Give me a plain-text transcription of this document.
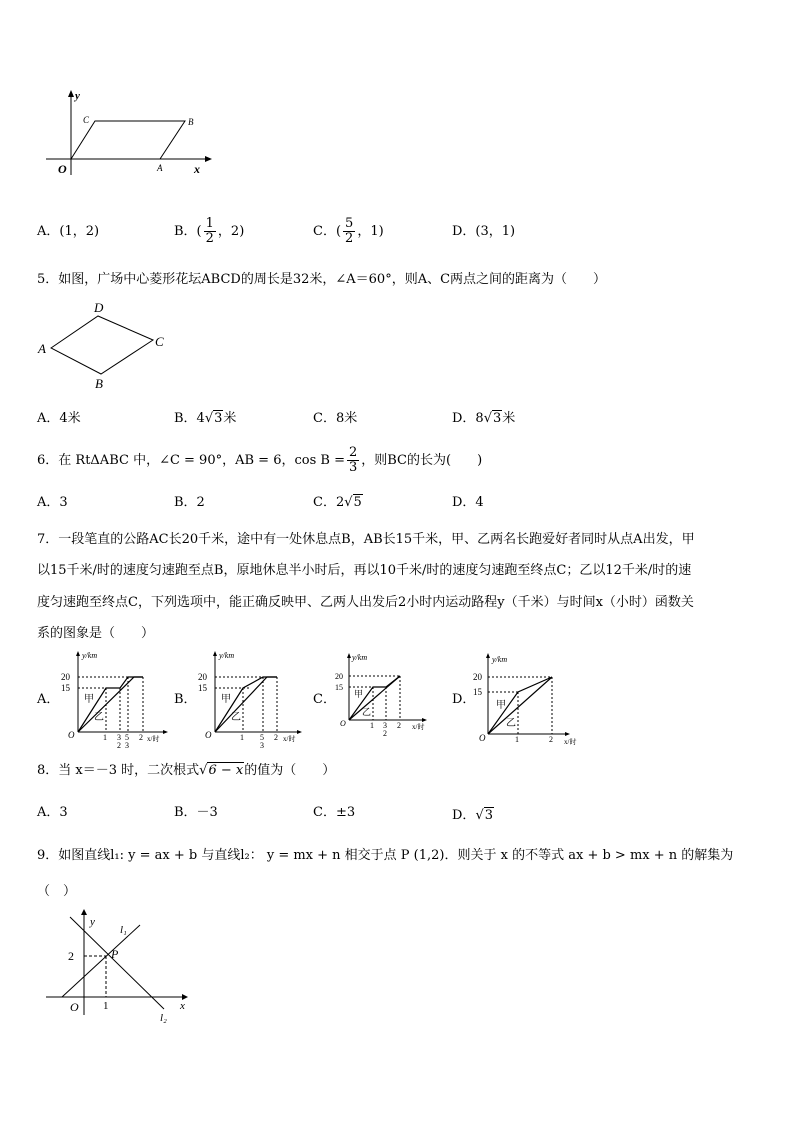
y
O	x
A
B
C
A．(1，2)	B．( $\frac{1}{2}$ ，2)	C．( $\frac{5}{2}$ ，1)	D．(3，1)
5．如图，广场中心菱形花坛ABCD的周长是32米，∠A＝60°，则A、C两点之间的距离为（　　）
A
D
C
B
A．4米	B．4√3米	C．8米	D．8√3米
6．在 RtΔABC 中，∠C = 90°，AB = 6，$\cos B = \frac{2}{3}$ ，则BC的长为(　　)
A．3	B．2	C．2√5	D．4
7．一段笔直的公路AC长20千米，途中有一处休息点B，AB长15千米，甲、乙两名长跑爱好者同时从点A出发，甲
以15千米/时的速度匀速跑至点B，原地休息半小时后，再以10千米/时的速度匀速跑至终点C；乙以12千米/时的速
度匀速跑至终点C，下列选项中，能正确反映甲、乙两人出发后2小时内运动路程y（千米）与时间x（小时）函数关
系的图象是（　　）
A．	B．	C．	D．
y/km
20
15
甲
乙
O	1 3
2
5
3
2 x/时
y/km
20
15
甲
乙
O	1 5
3
2 x/时
y/km
20
15
甲
乙
O	1 3
2
2 x/时
y/km
20
15
甲
乙
O	1	2 x/时
8．当 x＝－3 时，二次根式√6 − x的值为（　　）
A．3	B．－3	C．±3	D．√3
9．如图直线l₁: y = ax + b 与直线l₂： y = mx + n 相交于点 P (1,2)．则关于 x 的不等式 ax + b > mx + n 的解集为
（　）
y
x
O
2
1
P
l₁
l₂
